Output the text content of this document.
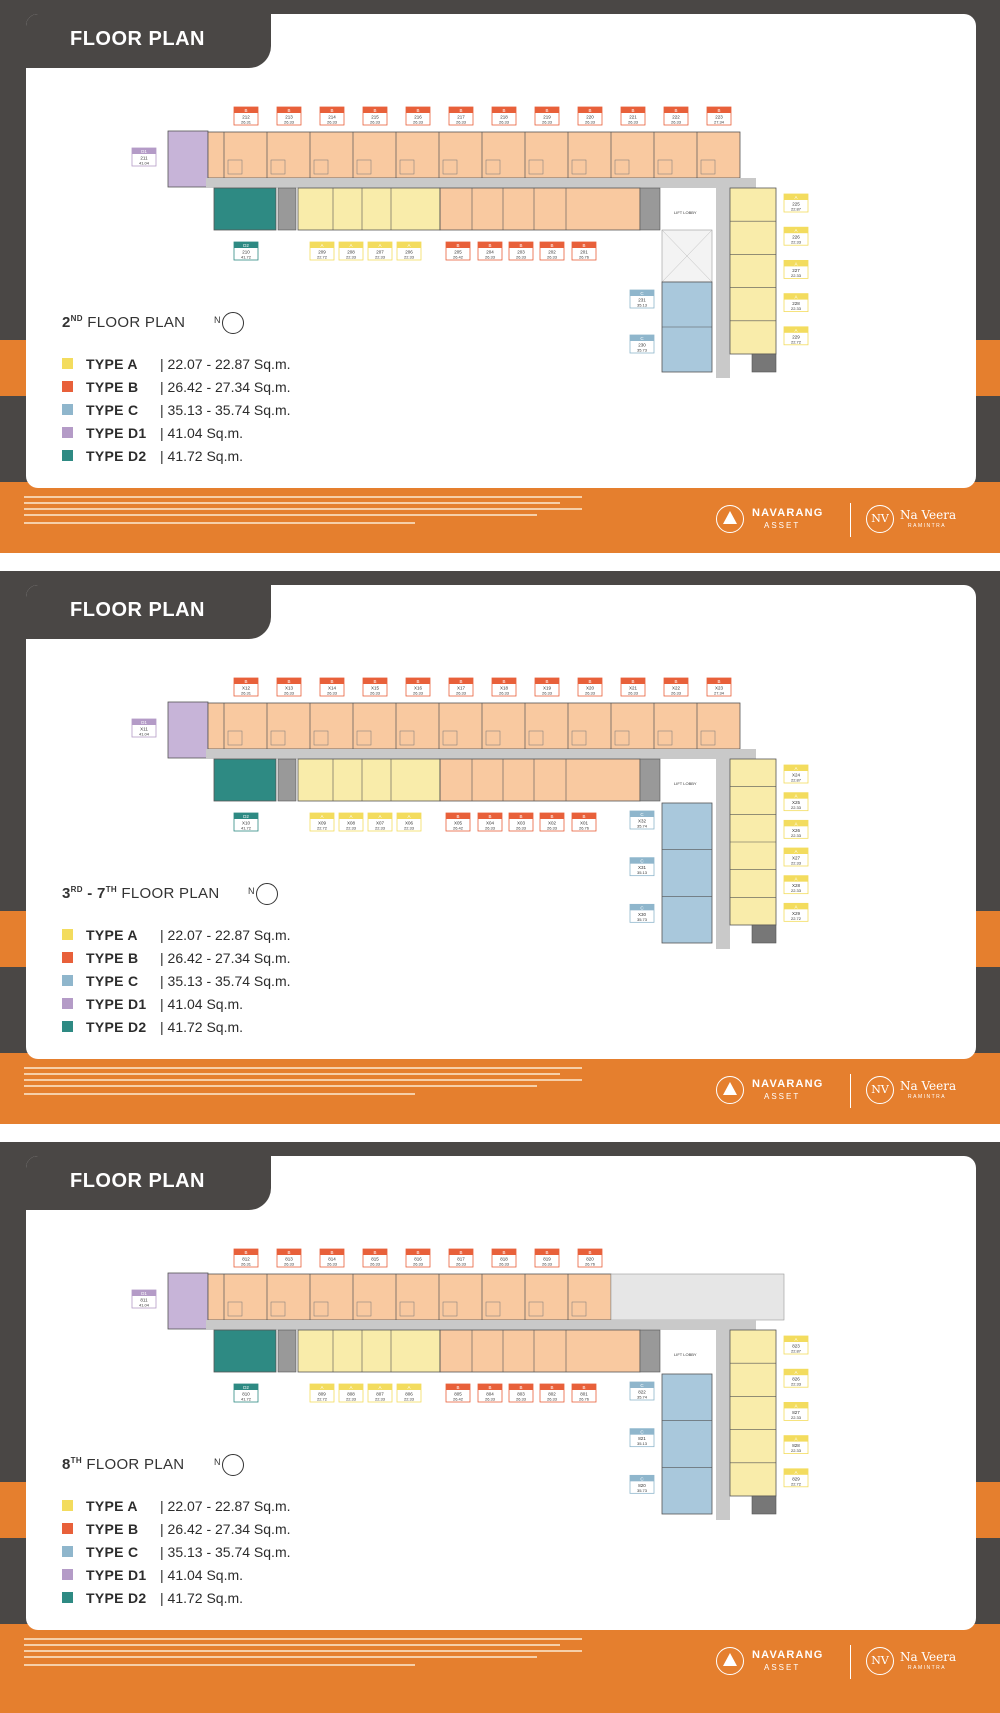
D1
211
41.04
B
212
26.31
B
213
26.33
B
214
26.33
B
215
26.33
B
216
26.33
B
217
26.33
B
218
26.33
B
219
26.33
B
220
26.33
B
221
26.33
B
222
26.33
B
223
27.34
LIFT LOBBY
D2
210
41.72
A
209
22.72
A
208
22.33
A
207
22.33
A
206
22.33
B
205
26.42
B
204
26.33
B
203
26.33
B
202
26.33
B
201
26.76
A
225
22.87
A
226
22.33
A
227
22.33
A
228
22.33
A
229
22.72
C
231
35.13
C
230
35.73
FLOOR PLAN
2ND FLOOR PLAN	N
TYPE A	| 22.07 - 22.87 Sq.m.
TYPE B	| 26.42 - 27.34 Sq.m.
TYPE C	| 35.13 - 35.74 Sq.m.
TYPE D1 | 41.04 Sq.m.
TYPE D2 | 41.72 Sq.m.
NAVARANG
ASSET
NV Na Veera
RAMINTRA
D1
X11
41.04
B
X12
26.31
B
X13
26.33
B
X14
26.33
B
X15
26.33
B
X16
26.33
B
X17
26.33
B
X18
26.33
B
X19
26.33
B
X20
26.33
B
X21
26.33
B
X22
26.33
B
X23
27.34
LIFT LOBBY
D2
X10
41.72
A
X09
22.72
A
X08
22.33
A
X07
22.33
A
X06
22.33
B
X05
26.42
B
X04
26.33
B
X03
26.33
B
X02
26.33
B
X01
26.76
A
X24
22.87
A
X25
22.33
A
X26
22.33
A
X27
22.33
A
X28
22.33
A
X29
22.72
C
X32
35.74
C
X31
35.13
C
X30
35.73
FLOOR PLAN
3RD - 7TH FLOOR PLAN	N
TYPE A	| 22.07 - 22.87 Sq.m.
TYPE B	| 26.42 - 27.34 Sq.m.
TYPE C	| 35.13 - 35.74 Sq.m.
TYPE D1 | 41.04 Sq.m.
TYPE D2 | 41.72 Sq.m.
NAVARANG
ASSET
NV Na Veera
RAMINTRA
D1
811
41.04
B
812
26.31
B
813
26.33
B
814
26.33
B
815
26.33
B
816
26.33
B
817
26.33
B
818
26.33
B
819
26.33
B
820
26.76
LIFT LOBBY
D2
810
41.72
A
809
22.72
A
808
22.33
A
807
22.33
A
806
22.33
B
805
26.42
B
804
26.33
B
803
26.33
B
802
26.33
B
801
26.76
A
823
22.87
A
826
22.33
A
827
22.33
A
828
22.33
A
829
22.72
C
822
35.74
C
821
35.13
C
820
35.73
FLOOR PLAN
8TH FLOOR PLAN	N
TYPE A	| 22.07 - 22.87 Sq.m.
TYPE B	| 26.42 - 27.34 Sq.m.
TYPE C	| 35.13 - 35.74 Sq.m.
TYPE D1 | 41.04 Sq.m.
TYPE D2 | 41.72 Sq.m.
NAVARANG
ASSET
NV Na Veera
RAMINTRA
